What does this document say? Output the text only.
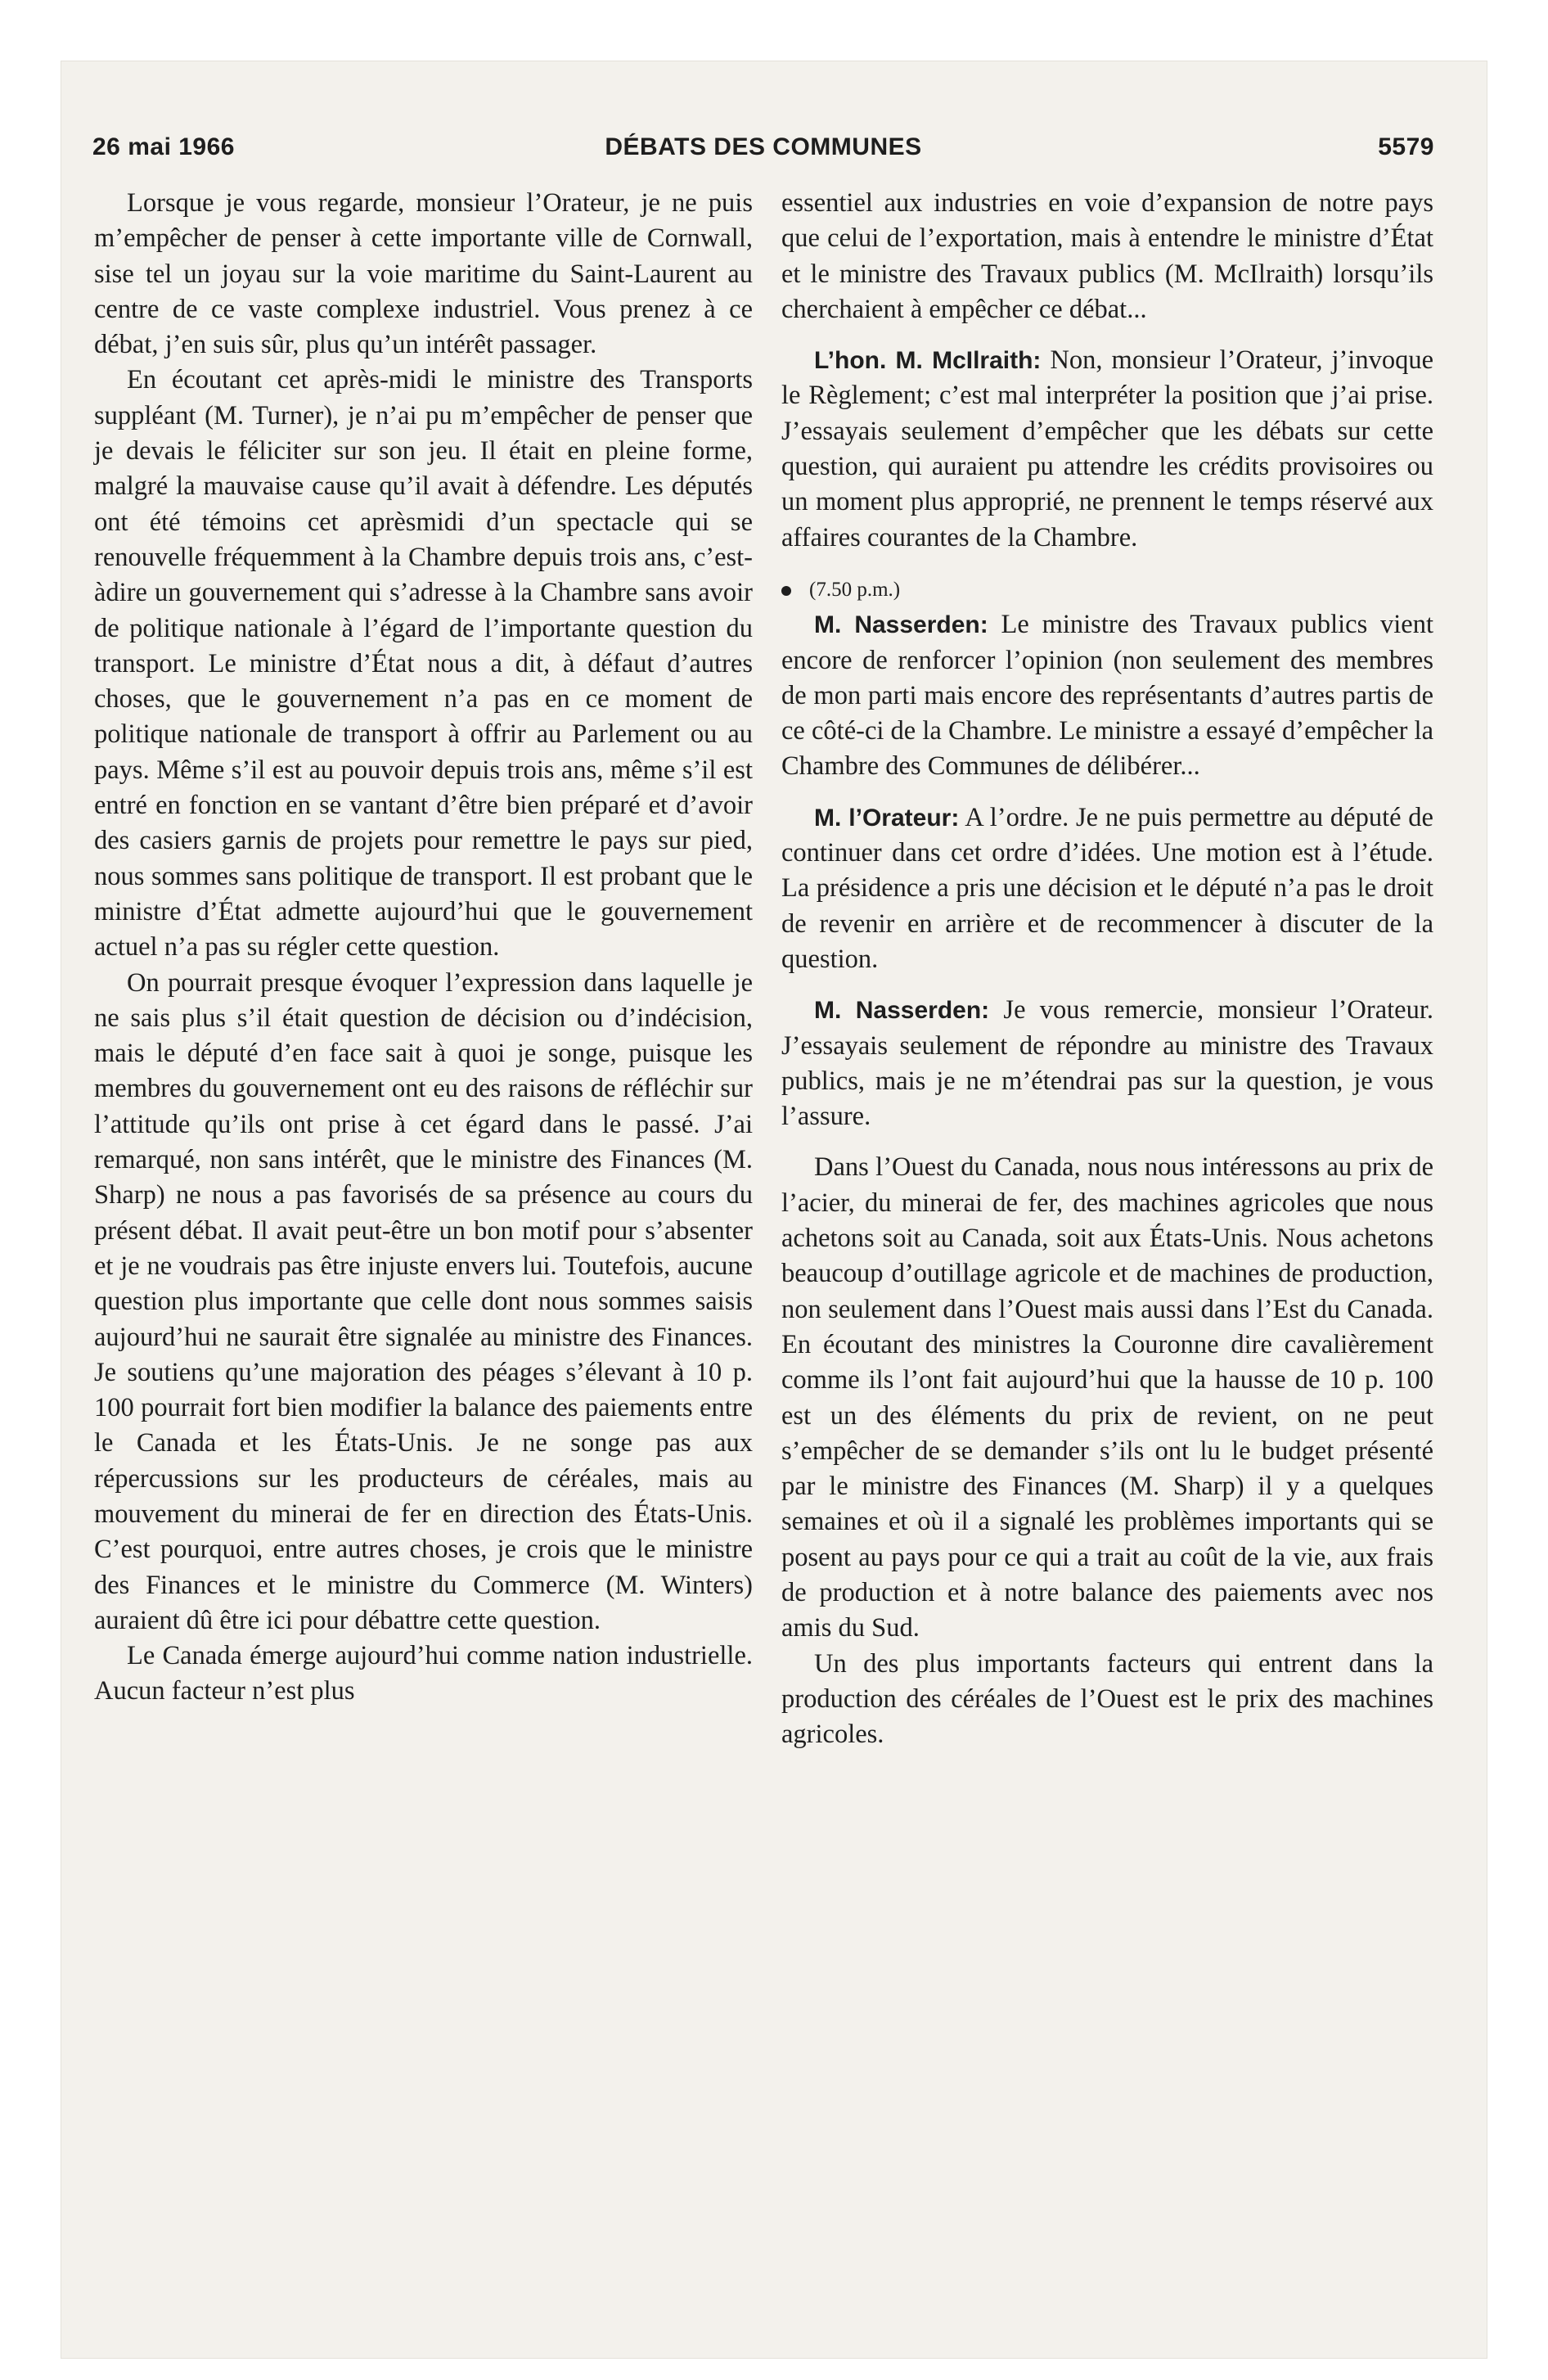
26 mai 1966	DÉBATS DES COMMUNES	5579

Lorsque je vous regarde, monsieur l’Orateur, je ne puis m’empêcher de penser à cette importante ville de Cornwall, sise tel un joyau sur la voie maritime du Saint-Laurent au centre de ce vaste complexe industriel. Vous prenez à ce débat, j’en suis sûr, plus qu’un intérêt passager.

En écoutant cet après-midi le ministre des Transports suppléant (M. Turner), je n’ai pu m’empêcher de penser que je devais le féliciter sur son jeu. Il était en pleine forme, malgré la mauvaise cause qu’il avait à défendre. Les députés ont été témoins cet aprèsmidi d’un spectacle qui se renouvelle fréquemment à la Chambre depuis trois ans, c’est-àdire un gouvernement qui s’adresse à la Chambre sans avoir de politique nationale à l’égard de l’importante question du transport. Le ministre d’État nous a dit, à défaut d’autres choses, que le gouvernement n’a pas en ce moment de politique nationale de transport à offrir au Parlement ou au pays. Même s’il est au pouvoir depuis trois ans, même s’il est entré en fonction en se vantant d’être bien préparé et d’avoir des casiers garnis de projets pour remettre le pays sur pied, nous sommes sans politique de transport. Il est probant que le ministre d’État admette aujourd’hui que le gouvernement actuel n’a pas su régler cette question.

On pourrait presque évoquer l’expression dans laquelle je ne sais plus s’il était question de décision ou d’indécision, mais le député d’en face sait à quoi je songe, puisque les membres du gouvernement ont eu des raisons de réfléchir sur l’attitude qu’ils ont prise à cet égard dans le passé. J’ai remarqué, non sans intérêt, que le ministre des Finances (M. Sharp) ne nous a pas favorisés de sa présence au cours du présent débat. Il avait peut-être un bon motif pour s’absenter et je ne voudrais pas être injuste envers lui. Toutefois, aucune question plus importante que celle dont nous sommes saisis aujourd’hui ne saurait être signalée au ministre des Finances. Je soutiens qu’une majoration des péages s’élevant à 10 p. 100 pourrait fort bien modifier la balance des paiements entre le Canada et les États-Unis. Je ne songe pas aux répercussions sur les producteurs de céréales, mais au mouvement du minerai de fer en direction des États-Unis. C’est pourquoi, entre autres choses, je crois que le ministre des Finances et le ministre du Commerce (M. Winters) auraient dû être ici pour débattre cette question.

Le Canada émerge aujourd’hui comme nation industrielle. Aucun facteur n’est plus

essentiel aux industries en voie d’expansion de notre pays que celui de l’exportation, mais à entendre le ministre d’État et le ministre des Travaux publics (M. McIlraith) lorsqu’ils cherchaient à empêcher ce débat...

L’hon. M. McIlraith: Non, monsieur l’Orateur, j’invoque le Règlement; c’est mal interpréter la position que j’ai prise. J’essayais seulement d’empêcher que les débats sur cette question, qui auraient pu attendre les crédits provisoires ou un moment plus approprié, ne prennent le temps réservé aux affaires courantes de la Chambre.

(7.50 p.m.)

M. Nasserden: Le ministre des Travaux publics vient encore de renforcer l’opinion (non seulement des membres de mon parti mais encore des représentants d’autres partis de ce côté-ci de la Chambre. Le ministre a essayé d’empêcher la Chambre des Communes de délibérer...

M. l’Orateur: A l’ordre. Je ne puis permettre au député de continuer dans cet ordre d’idées. Une motion est à l’étude. La présidence a pris une décision et le député n’a pas le droit de revenir en arrière et de recommencer à discuter de la question.

M. Nasserden: Je vous remercie, monsieur l’Orateur. J’essayais seulement de répondre au ministre des Travaux publics, mais je ne m’étendrai pas sur la question, je vous l’assure.

Dans l’Ouest du Canada, nous nous intéressons au prix de l’acier, du minerai de fer, des machines agricoles que nous achetons soit au Canada, soit aux États-Unis. Nous achetons beaucoup d’outillage agricole et de machines de production, non seulement dans l’Ouest mais aussi dans l’Est du Canada. En écoutant des ministres la Couronne dire cavalièrement comme ils l’ont fait aujourd’hui que la hausse de 10 p. 100 est un des éléments du prix de revient, on ne peut s’empêcher de se demander s’ils ont lu le budget présenté par le ministre des Finances (M. Sharp) il y a quelques semaines et où il a signalé les problèmes importants qui se posent au pays pour ce qui a trait au coût de la vie, aux frais de production et à notre balance des paiements avec nos amis du Sud.

Un des plus importants facteurs qui entrent dans la production des céréales de l’Ouest est le prix des machines agricoles.
